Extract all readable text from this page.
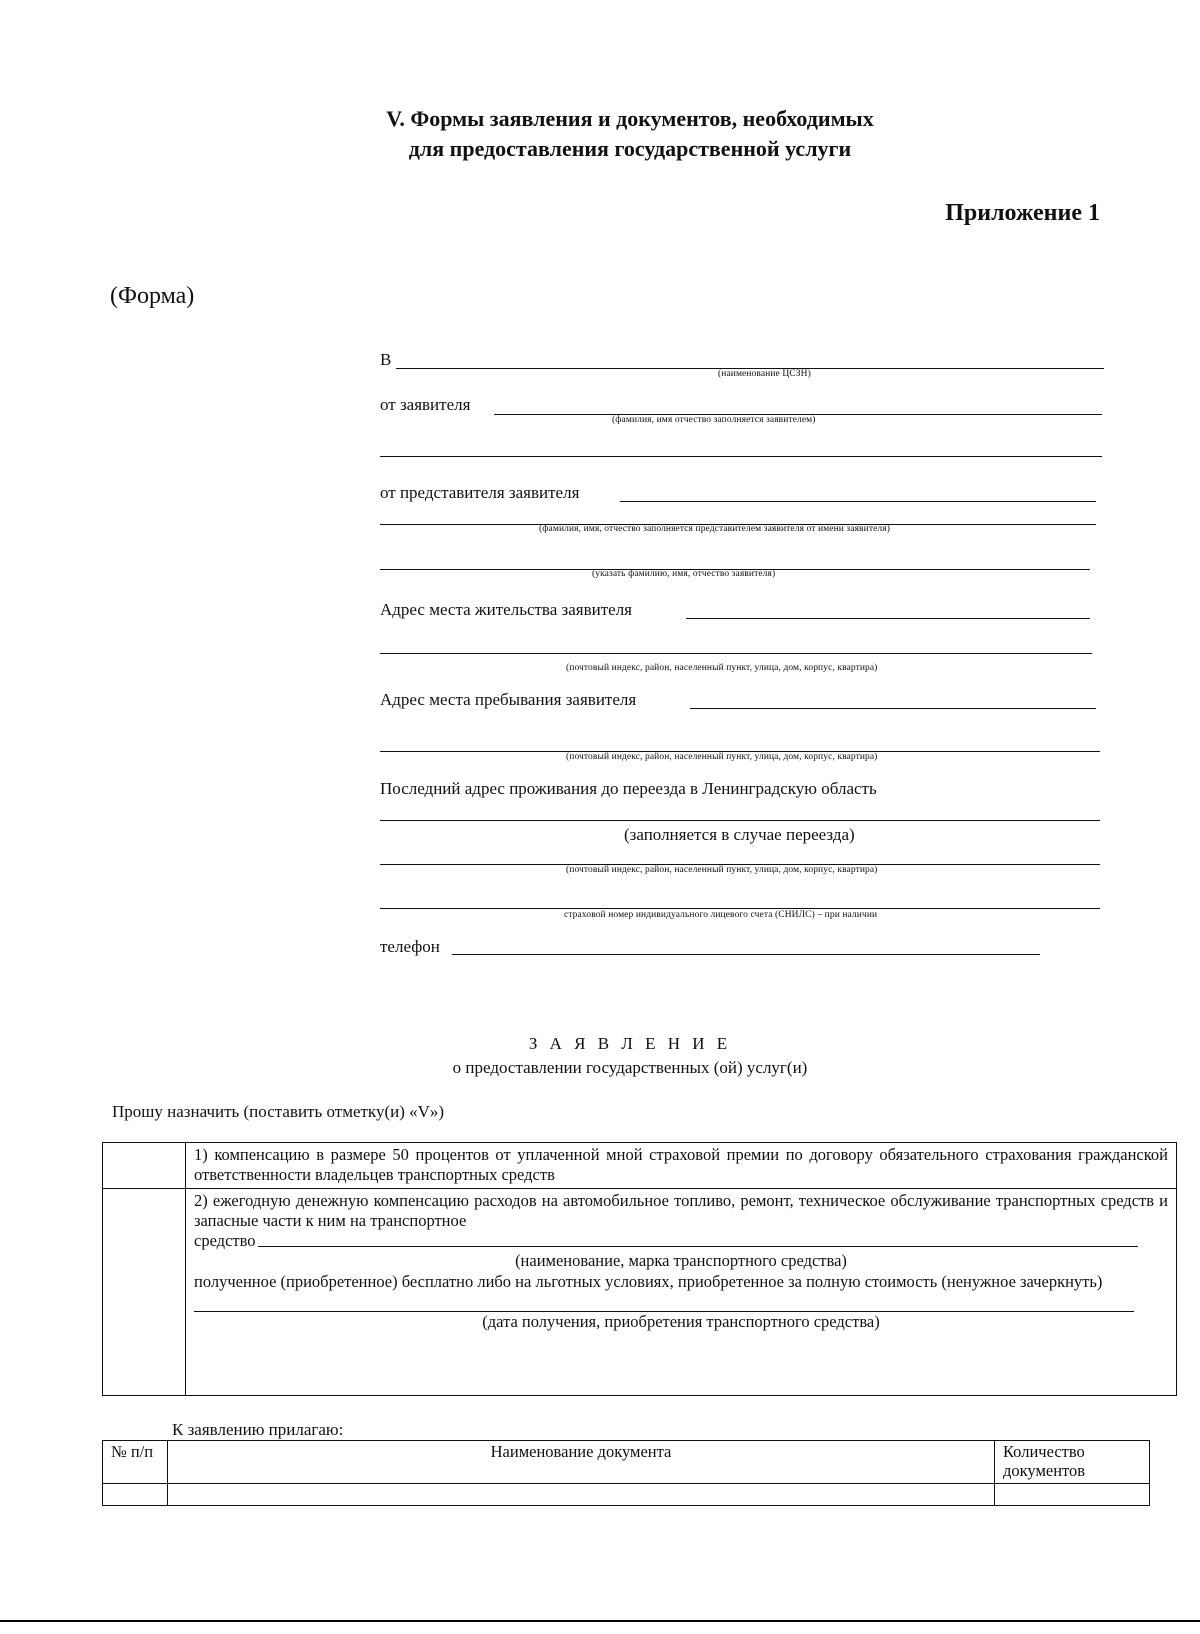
V. Формы заявления и документов, необходимых
для предоставления государственной услуги
Приложение 1
(Форма)
В
(наименование ЦСЗН)
от заявителя
(фамилия, имя отчество заполняется заявителем)
от представителя заявителя
(фамилия, имя, отчество заполняется представителем заявителя от имени заявителя)
(указать фамилию, имя, отчество заявителя)
Адрес места жительства заявителя
(почтовый индекс, район, населенный пункт, улица, дом, корпус, квартира)
Адрес места пребывания заявителя
(почтовый индекс, район, населенный пункт, улица, дом, корпус, квартира)
Последний адрес проживания до переезда в Ленинградскую область
(заполняется в случае переезда)
(почтовый индекс, район, населенный пункт, улица, дом, корпус, квартира)
страховой номер индивидуального лицевого счета (СНИЛС) – при наличии
телефон
З А Я В Л Е Н И Е
о предоставлении государственных (ой) услуг(и)
Прошу назначить (поставить отметку(и) «V»)
	1) компенсацию в размере 50 процентов от уплаченной мной страховой премии по договору обязательного страхования гражданской ответственности владельцев транспортных средств

	2) ежегодную денежную компенсацию расходов на автомобильное топливо, ремонт, техническое обслуживание транспортных средств и запасные части к ним на транспортное
средство
(наименование, марка транспортного средства)
полученное (приобретенное) бесплатно либо на льготных условиях, приобретенное за полную стоимость (ненужное зачеркнуть)
(дата получения, приобретения транспортного средства)
К заявлению прилагаю:
№ п/п	Наименование документа	Количество документов
